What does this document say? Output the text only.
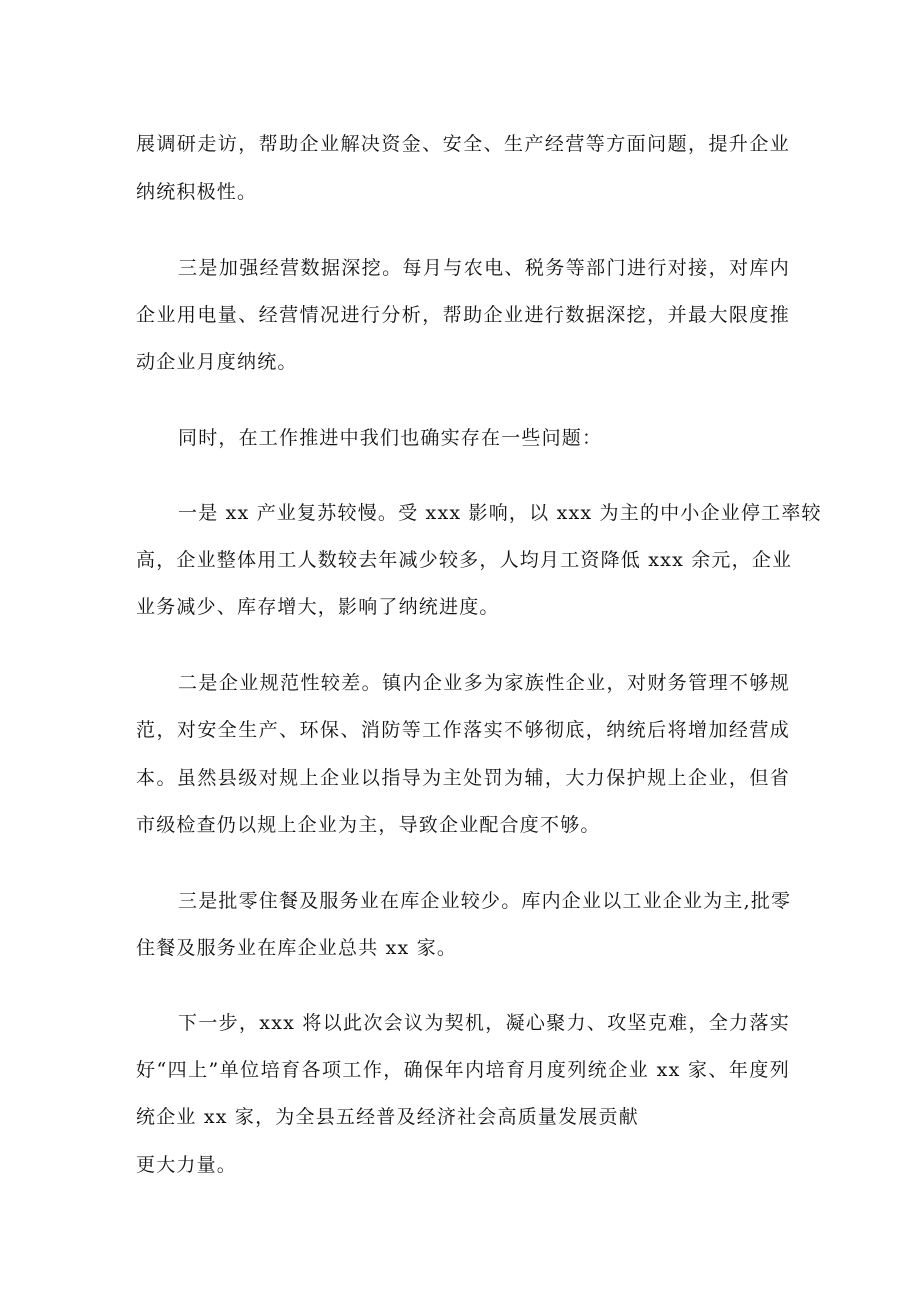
展调研走访，帮助企业解决资金、安全、生产经营等方面问题，提升企业
纳统积极性。
三是加强经营数据深挖。每月与农电、税务等部门进行对接，对库内
企业用电量、经营情况进行分析，帮助企业进行数据深挖，并最大限度推
动企业月度纳统。
同时，在工作推进中我们也确实存在一些问题：
一是 xx 产业复苏较慢。受 xxx 影响，以 xxx 为主的中小企业停工率较
高，企业整体用工人数较去年减少较多，人均月工资降低 xxx 余元，企业
业务减少、库存增大，影响了纳统进度。
二是企业规范性较差。镇内企业多为家族性企业，对财务管理不够规
范，对安全生产、环保、消防等工作落实不够彻底，纳统后将增加经营成
本。虽然县级对规上企业以指导为主处罚为辅，大力保护规上企业，但省
市级检查仍以规上企业为主，导致企业配合度不够。
三是批零住餐及服务业在库企业较少。库内企业以工业企业为主,批零
住餐及服务业在库企业总共 xx 家。
下一步，xxx 将以此次会议为契机，凝心聚力、攻坚克难，全力落实
好“四上”单位培育各项工作，确保年内培育月度列统企业 xx 家、年度列
统企业 xx 家，为全县五经普及经济社会高质量发展贡献
更大力量。
